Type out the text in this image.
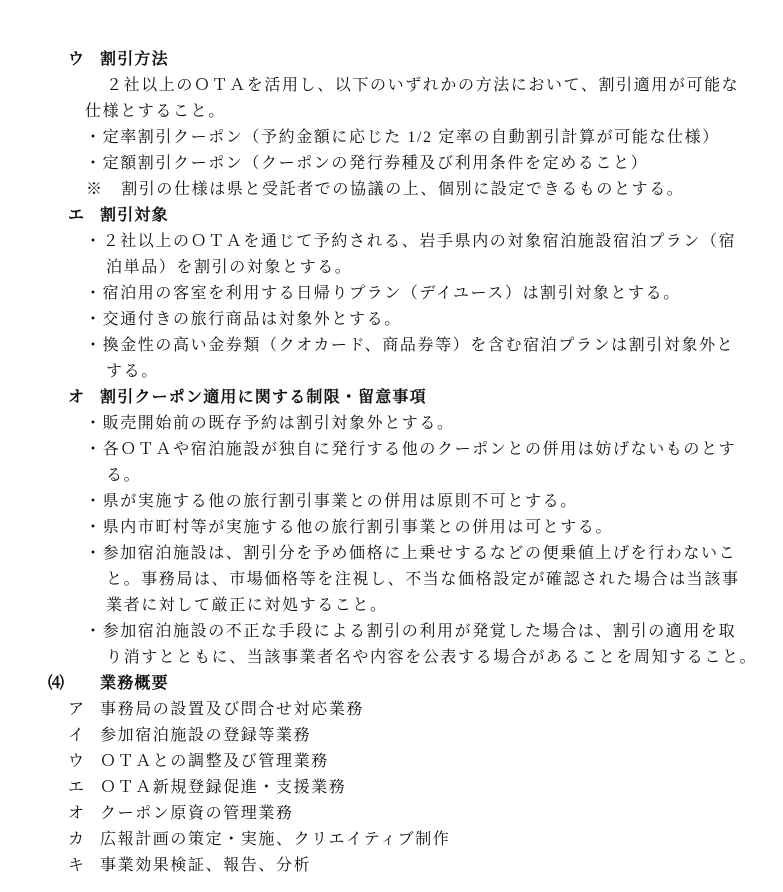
ウ 割引方法
２社以上のＯＴＡを活用し、以下のいずれかの方法において、割引適用が可能な
仕様とすること。
・定率割引クーポン（予約金額に応じた 1/2 定率の自動割引計算が可能な仕様）
・定額割引クーポン（クーポンの発行券種及び利用条件を定めること）
※　割引の仕様は県と受託者での協議の上、個別に設定できるものとする。
エ 割引対象
・２社以上のＯＴＡを通じて予約される、岩手県内の対象宿泊施設宿泊プラン（宿
泊単品）を割引の対象とする。
・宿泊用の客室を利用する日帰りプラン（デイユース）は割引対象とする。
・交通付きの旅行商品は対象外とする。
・換金性の高い金券類（クオカード、商品券等）を含む宿泊プランは割引対象外と
する。
オ 割引クーポン適用に関する制限・留意事項
・販売開始前の既存予約は割引対象外とする。
・各ＯＴＡや宿泊施設が独自に発行する他のクーポンとの併用は妨げないものとす
る。
・県が実施する他の旅行割引事業との併用は原則不可とする。
・県内市町村等が実施する他の旅行割引事業との併用は可とする。
・参加宿泊施設は、割引分を予め価格に上乗せするなどの便乗値上げを行わないこ
と。事務局は、市場価格等を注視し、不当な価格設定が確認された場合は当該事
業者に対して厳正に対処すること。
・参加宿泊施設の不正な手段による割引の利用が発覚した場合は、割引の適用を取
り消すとともに、当該事業者名や内容を公表する場合があることを周知すること。
⑷ 業務概要
ア 事務局の設置及び問合せ対応業務
イ 参加宿泊施設の登録等業務
ウ ＯＴＡとの調整及び管理業務
エ ＯＴＡ新規登録促進・支援業務
オ クーポン原資の管理業務
カ 広報計画の策定・実施、クリエイティブ制作
キ 事業効果検証、報告、分析
